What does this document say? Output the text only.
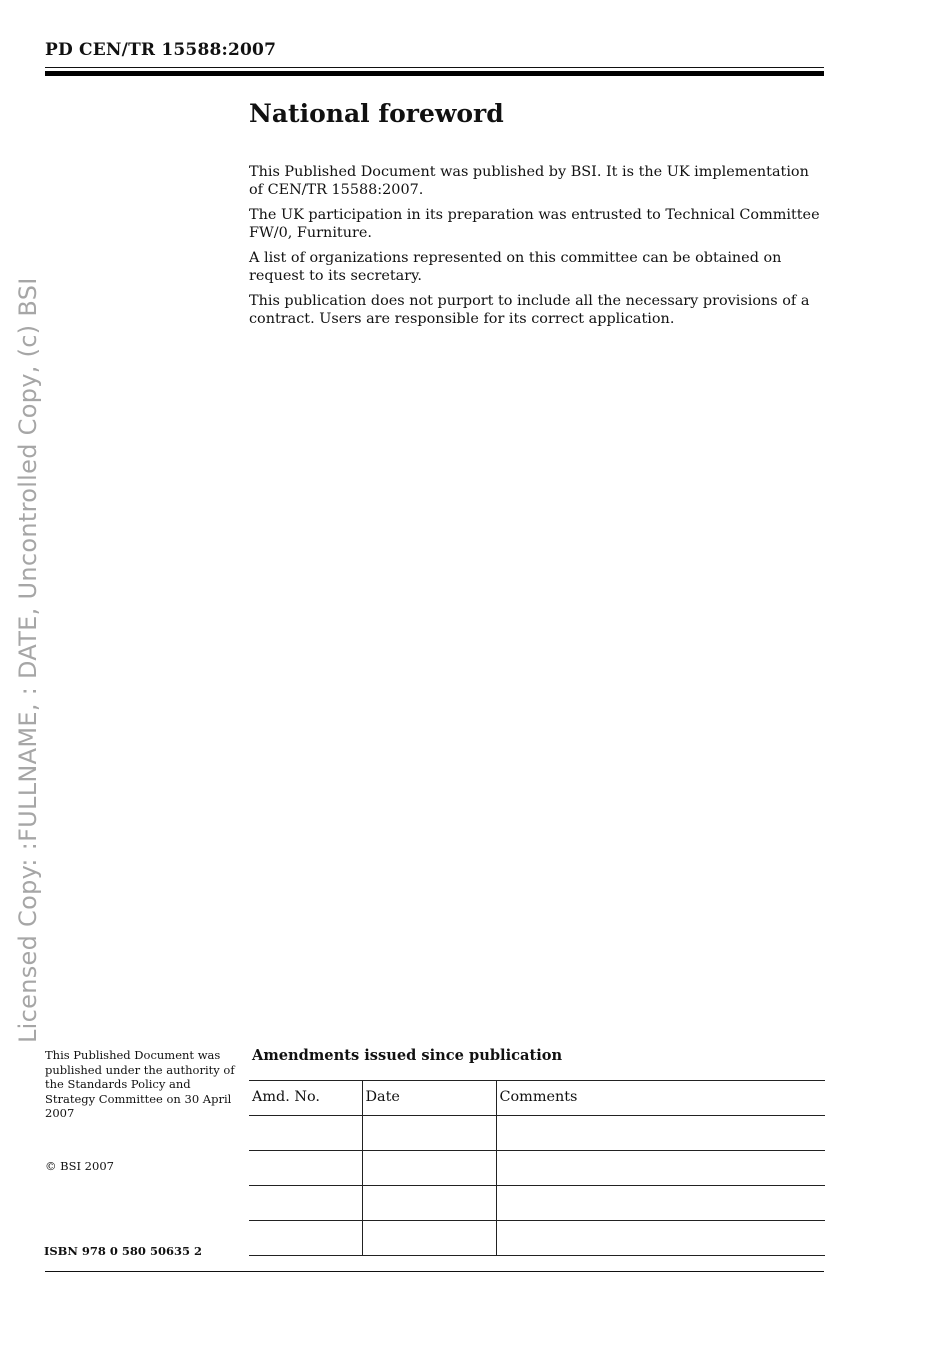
PD CEN/TR 15588:2007
Licensed Copy: :FULLNAME, : DATE, Uncontrolled Copy, (c) BSI
National foreword

This Published Document was published by BSI. It is the UK implementation of CEN/TR 15588:2007.

The UK participation in its preparation was entrusted to Technical Committee FW/0, Furniture.

A list of organizations represented on this committee can be obtained on request to its secretary.

This publication does not purport to include all the necessary provisions of a contract. Users are responsible for its correct application.

This Published Document was published under the authority of the Standards Policy and Strategy Committee on 30 April 2007
© BSI 2007
ISBN 978 0 580 50635 2
Amendments issued since publication
Amd. No.	Date	Comments
